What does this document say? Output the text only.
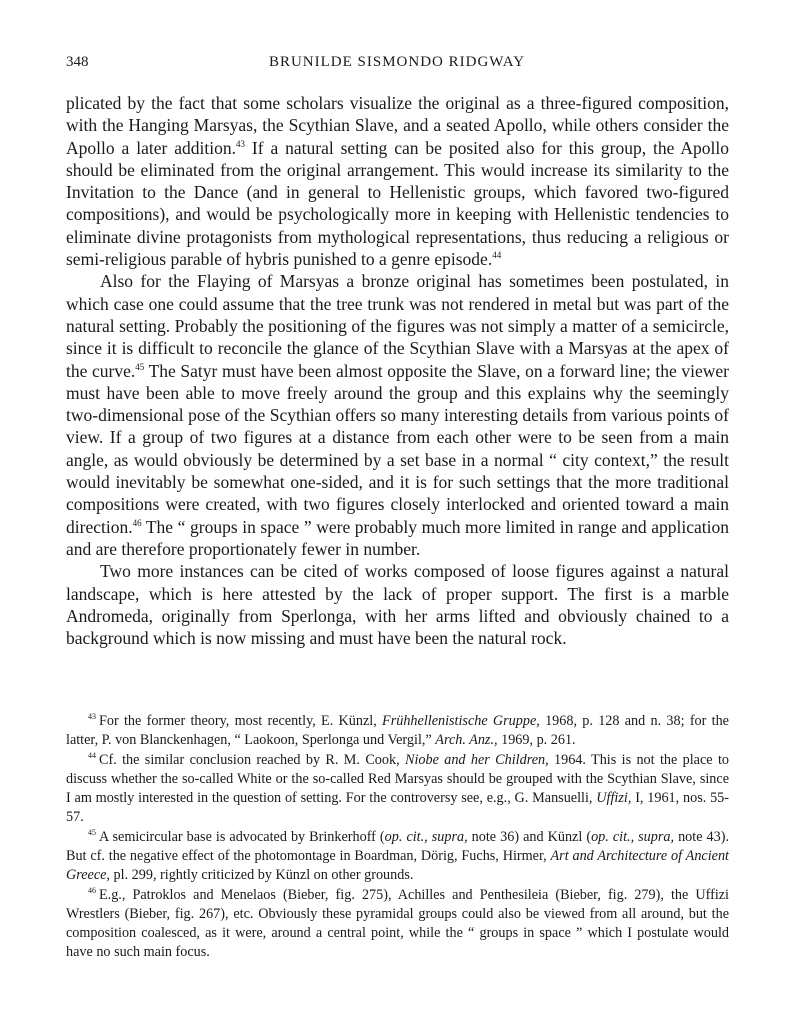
348	BRUNILDE SISMONDO RIDGWAY

plicated by the fact that some scholars visualize the original as a three-figured composition, with the Hanging Marsyas, the Scythian Slave, and a seated Apollo, while others consider the Apollo a later addition.$^{43}$ If a natural setting can be posited also for this group, the Apollo should be eliminated from the original arrangement. This would increase its similarity to the Invitation to the Dance (and in general to Hellenistic groups, which favored two-figured compositions), and would be psychologically more in keeping with Hellenistic tendencies to eliminate divine protagonists from mythological representations, thus reducing a religious or semi-religious parable of hybris punished to a genre episode.$^{44}$

Also for the Flaying of Marsyas a bronze original has sometimes been postulated, in which case one could assume that the tree trunk was not rendered in metal but was part of the natural setting. Probably the positioning of the figures was not simply a matter of a semicircle, since it is difficult to reconcile the glance of the Scythian Slave with a Marsyas at the apex of the curve.$^{45}$ The Satyr must have been almost opposite the Slave, on a forward line; the viewer must have been able to move freely around the group and this explains why the seemingly two-dimensional pose of the Scythian offers so many interesting details from various points of view. If a group of two figures at a distance from each other were to be seen from a main angle, as would obviously be determined by a set base in a normal “ city context,” the result would inevitably be somewhat one-sided, and it is for such settings that the more traditional compositions were created, with two figures closely interlocked and oriented toward a main direction.$^{46}$ The “ groups in space ” were probably much more limited in range and application and are therefore proportionately fewer in number.

Two more instances can be cited of works composed of loose figures against a natural landscape, which is here attested by the lack of proper support. The first is a marble Andromeda, originally from Sperlonga, with her arms lifted and obviously chained to a background which is now missing and must have been the natural rock.

$^{43}$ For the former theory, most recently, E. Künzl, Frühhellenistische Gruppe, 1968, p. 128 and n. 38; for the latter, P. von Blanckenhagen, “ Laokoon, Sperlonga und Vergil,” Arch. Anz., 1969, p. 261.

$^{44}$ Cf. the similar conclusion reached by R. M. Cook, Niobe and her Children, 1964. This is not the place to discuss whether the so-called White or the so-called Red Marsyas should be grouped with the Scythian Slave, since I am mostly interested in the question of setting. For the controversy see, e.g., G. Mansuelli, Uffizi, I, 1961, nos. 55-57.

$^{45}$ A semicircular base is advocated by Brinkerhoff (op. cit., supra, note 36) and Künzl (op. cit., supra, note 43). But cf. the negative effect of the photomontage in Boardman, Dörig, Fuchs, Hirmer, Art and Architecture of Ancient Greece, pl. 299, rightly criticized by Künzl on other grounds.

$^{46}$ E.g., Patroklos and Menelaos (Bieber, fig. 275), Achilles and Penthesileia (Bieber, fig. 279), the Uffizi Wrestlers (Bieber, fig. 267), etc. Obviously these pyramidal groups could also be viewed from all around, but the composition coalesced, as it were, around a central point, while the “ groups in space ” which I postulate would have no such main focus.
